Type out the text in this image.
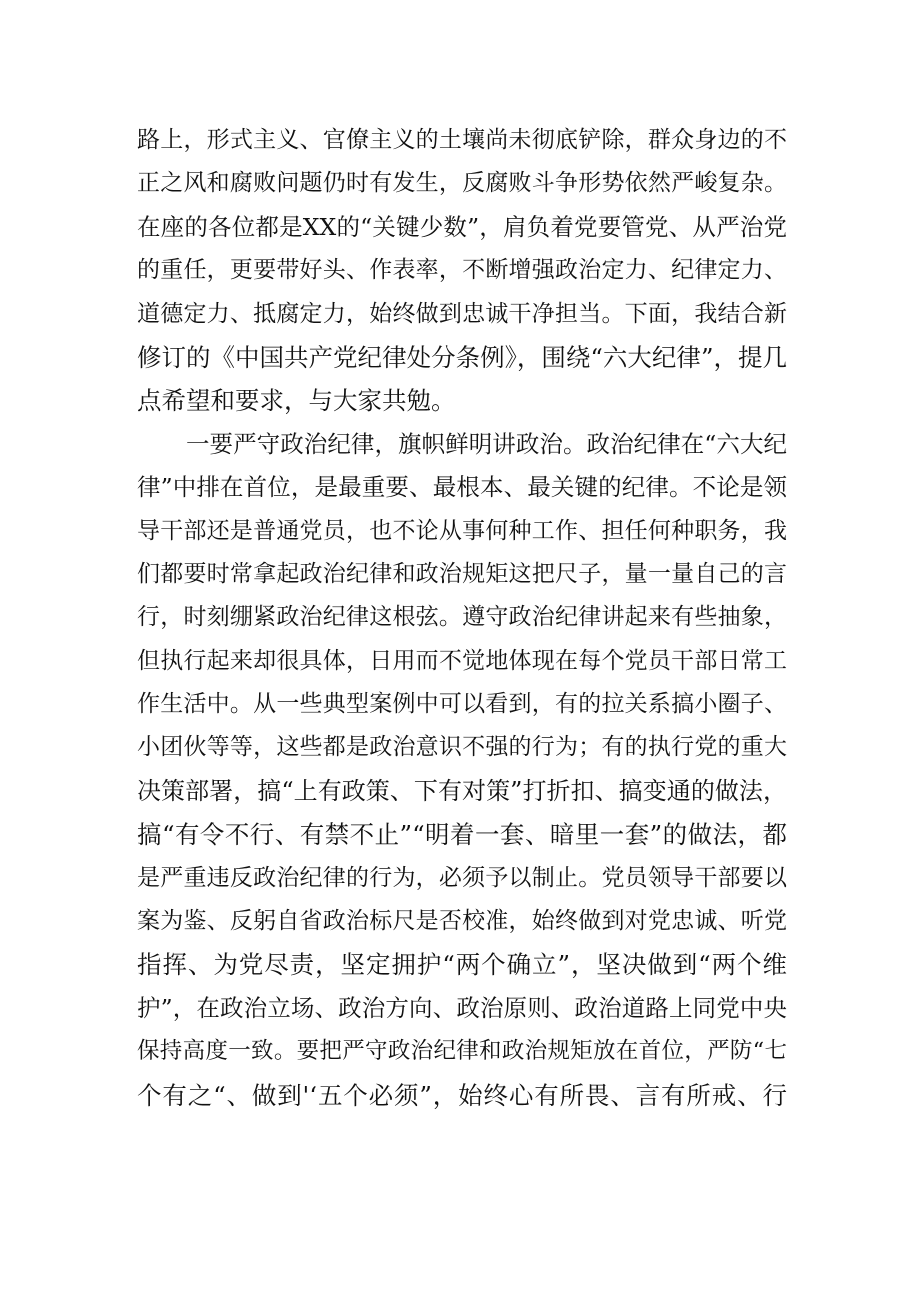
路上，形式主义、官僚主义的土壤尚未彻底铲除，群众身边的不
正之风和腐败问题仍时有发生，反腐败斗争形势依然严峻复杂。
在座的各位都是XX的“关键少数”，肩负着党要管党、从严治党
的重任，更要带好头、作表率，不断增强政治定力、纪律定力、
道德定力、抵腐定力，始终做到忠诚干净担当。下面，我结合新
修订的《中国共产党纪律处分条例》，围绕“六大纪律”，提几
点希望和要求，与大家共勉。
一要严守政治纪律，旗帜鲜明讲政治。政治纪律在“六大纪
律”中排在首位，是最重要、最根本、最关键的纪律。不论是领
导干部还是普通党员，也不论从事何种工作、担任何种职务，我
们都要时常拿起政治纪律和政治规矩这把尺子，量一量自己的言
行，时刻绷紧政治纪律这根弦。遵守政治纪律讲起来有些抽象，
但执行起来却很具体，日用而不觉地体现在每个党员干部日常工
作生活中。从一些典型案例中可以看到，有的拉关系搞小圈子、
小团伙等等，这些都是政治意识不强的行为；有的执行党的重大
决策部署，搞“上有政策、下有对策”打折扣、搞变通的做法，
搞“有令不行、有禁不止”“明着一套、暗里一套”的做法，都
是严重违反政治纪律的行为，必须予以制止。党员领导干部要以
案为鉴、反躬自省政治标尺是否校准，始终做到对党忠诚、听党
指挥、为党尽责，坚定拥护“两个确立”，坚决做到“两个维
护”，在政治立场、政治方向、政治原则、政治道路上同党中央
保持高度一致。要把严守政治纪律和政治规矩放在首位，严防“七
个有之“、做到'‘五个必须”，始终心有所畏、言有所戒、行
